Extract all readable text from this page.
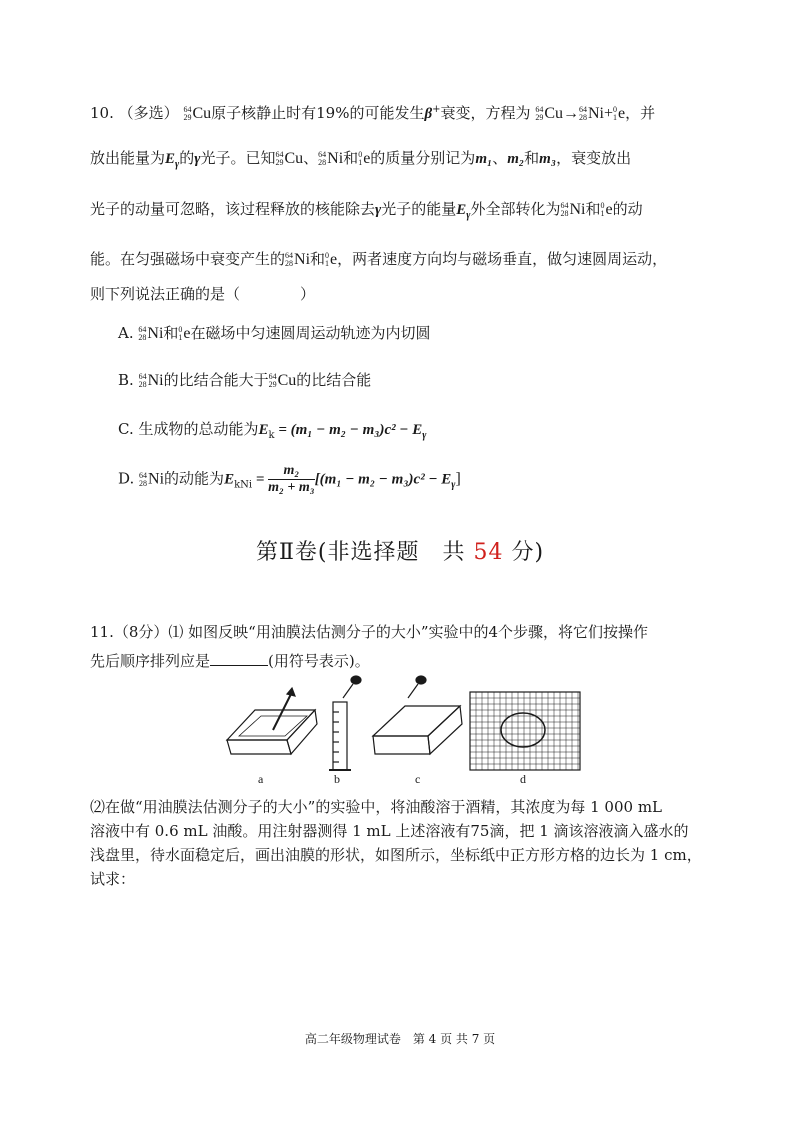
10. （多选） 64
29 Cu原子核静止时有19%的可能发生β+衰变，方程为 64
29 Cu→ 64
28 Ni+ 0
1 e，并
放出能量为$E_\gamma$的γ光子。已知 64
29 Cu、 64
28 Ni和 0
1 e的质量分别记为m₁、m₂和m₃，衰变放出
光子的动量可忽略，该过程释放的核能除去γ光子的能量$E_\gamma$外全部转化为 64
28 Ni和 0
1 e的动
能。在匀强磁场中衰变产生的 64
28 Ni和 0
1 e，两者速度方向均与磁场垂直，做匀速圆周运动，
则下列说法正确的是（　　　　）
A. 64
28 Ni和 0
1 e在磁场中匀速圆周运动轨迹为内切圆
B. 64
28 Ni的比结合能大于 64
29 Cu的比结合能
C. 生成物的总动能为$E_k = (m_1 - m_2 - m_3)c^2 - E_\gamma$
D. 64
28 Ni的动能为$E_{kNi} = \frac{\text{m₂}}{\text{m₂ + m₃}} [(m_1 - m_2 - m_3)c^2 - E_\gamma]$
第Ⅱ卷(非选择题　共 54 分)
11.（8分）⑴ 如图反映“用油膜法估测分子的大小”实验中的4个步骤，将它们按操作
先后顺序排列应是	(用符号表示)。
a	b	c	d
⑵在做“用油膜法估测分子的大小”的实验中，将油酸溶于酒精，其浓度为每 1 000 mL
溶液中有 0.6 mL 油酸。用注射器测得 1 mL 上述溶液有75滴，把 1 滴该溶液滴入盛水的
浅盘里，待水面稳定后，画出油膜的形状，如图所示，坐标纸中正方形方格的边长为 1 cm，
试求：
高二年级物理试卷　第 4 页 共 7 页
